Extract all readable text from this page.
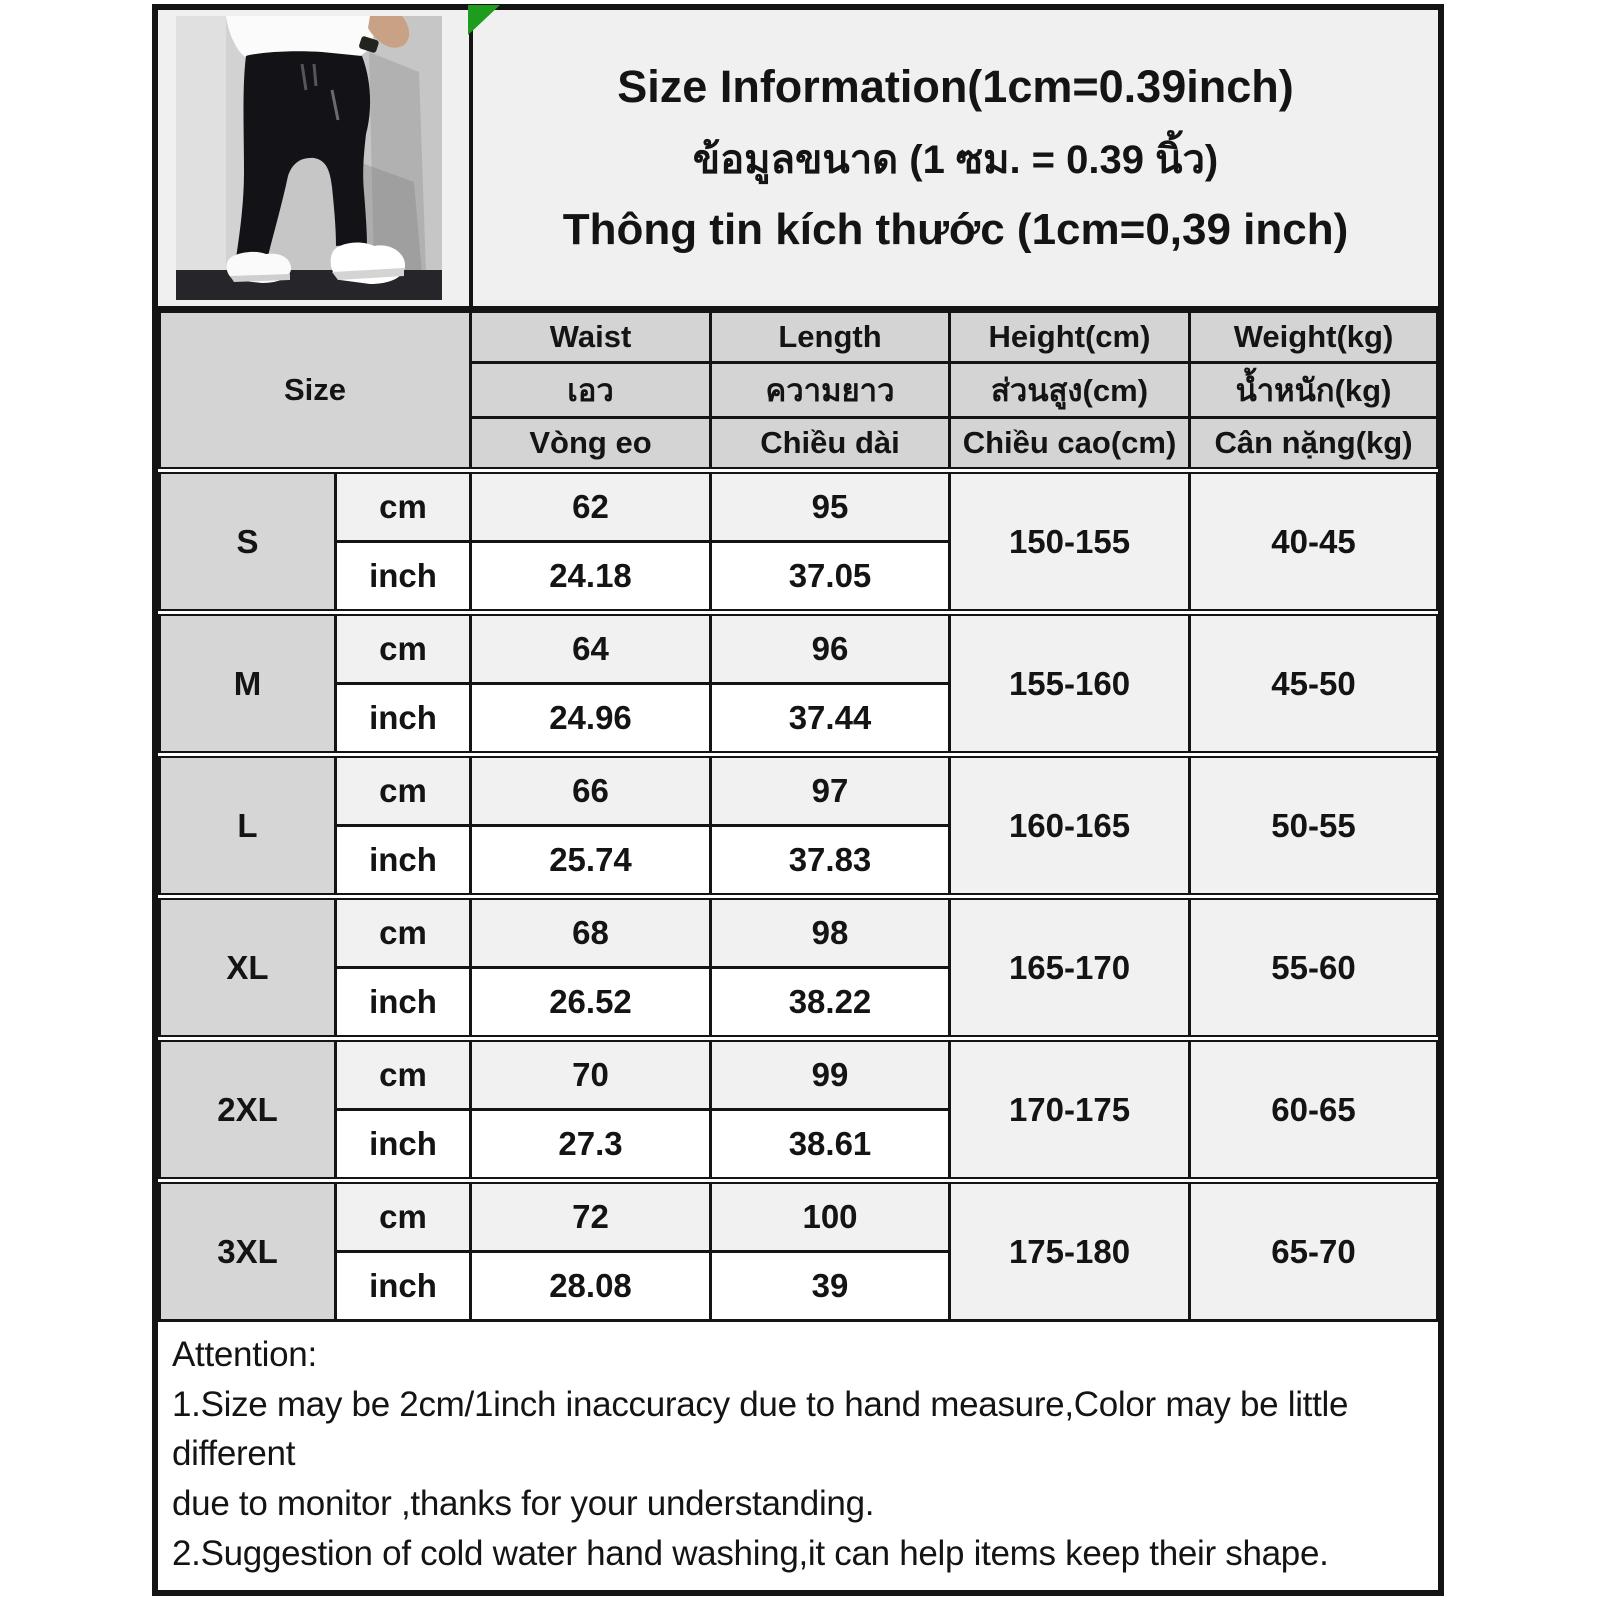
Size Information(1cm=0.39inch)
ข้อมูลขนาด (1 ซม. = 0.39 นิ้ว)
Thông tin kích thước (1cm=0,39 inch)
Size		Waist	Length	Height(cm)	Weight(kg)
		เอว	ความยาว	ส่วนสูง(cm)	น้ำหนัก(kg)
		Vòng eo	Chiều dài	Chiều cao(cm)	Cân nặng(kg)
S	cm	62	95	150-155	40-45
	inch	24.18	37.05		
M	cm	64	96	155-160	45-50
	inch	24.96	37.44		
L	cm	66	97	160-165	50-55
	inch	25.74	37.83		
XL	cm	68	98	165-170	55-60
	inch	26.52	38.22		
2XL	cm	70	99	170-175	60-65
	inch	27.3	38.61		
3XL	cm	72	100	175-180	65-70
	inch	28.08	39		
Attention:
1.Size may be 2cm/1inch inaccuracy due to hand measure,Color may be little different
due to monitor ,thanks for your understanding.
2.Suggestion of cold water hand washing,it can help items keep their shape.
